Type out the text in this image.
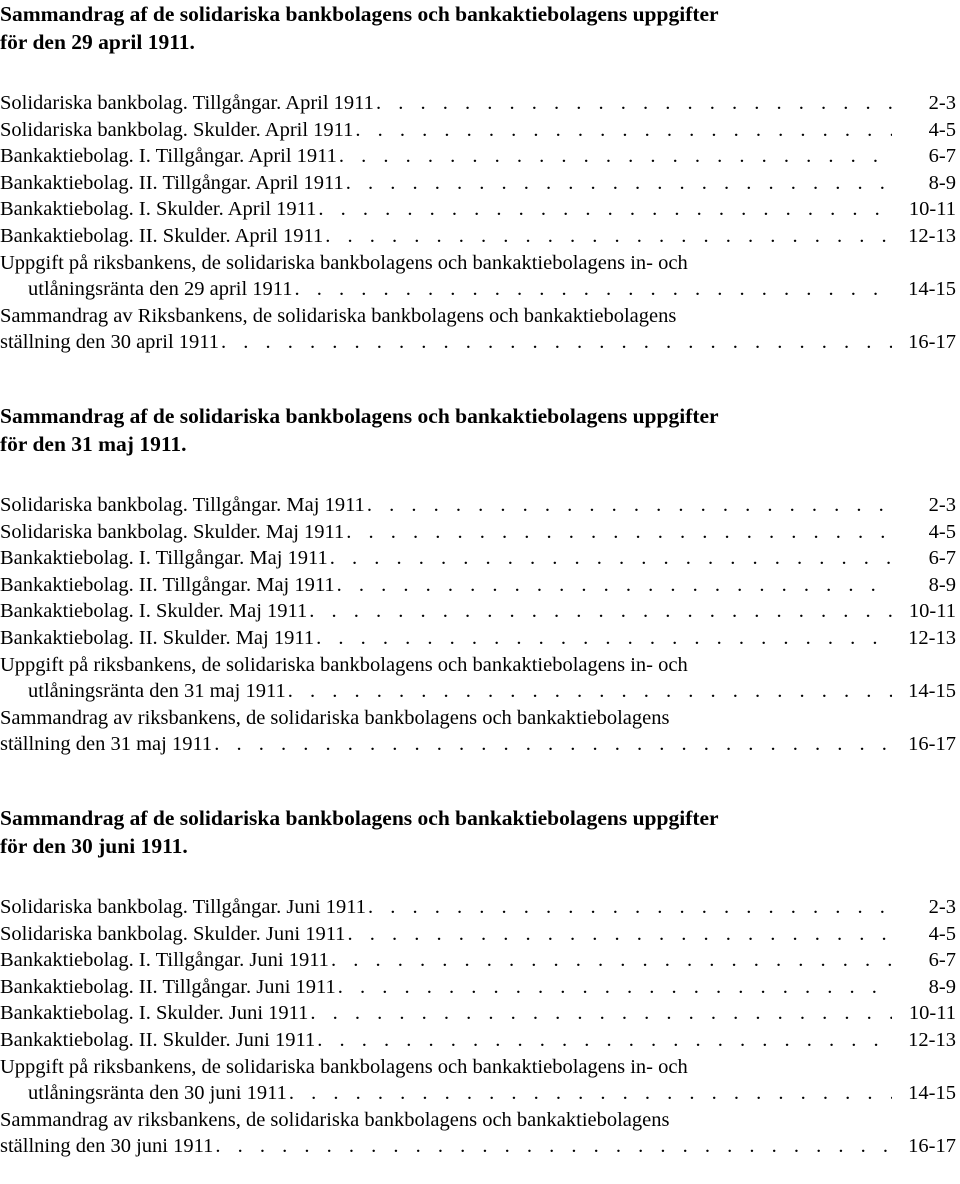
Sammandrag af de solidariska bankbolagens och bankaktiebolagens uppgifter
för den 29 april 1911.
Solidariska bankbolag. Tillgångar. April 1911 . . .	2-3
Solidariska bankbolag. Skulder. April 1911 . . .	4-5
Bankaktiebolag. I. Tillgångar. April 1911 . . .	6-7
Bankaktiebolag. II. Tillgångar. April 1911 . . .	8-9
Bankaktiebolag. I. Skulder. April 1911 . . .	10-11
Bankaktiebolag. II. Skulder. April 1911 . . .	12-13
Uppgift på riksbankens, de solidariska bankbolagens och bankaktiebolagens in- och
utlåningsränta den 29 april 1911 . . .	14-15
Sammandrag av Riksbankens, de solidariska bankbolagens och bankaktiebolagens
ställning den 30 april 1911 . . .	16-17
Sammandrag af de solidariska bankbolagens och bankaktiebolagens uppgifter
för den 31 maj 1911.
Solidariska bankbolag. Tillgångar. Maj 1911 . . .	2-3
Solidariska bankbolag. Skulder. Maj 1911 . . .	4-5
Bankaktiebolag. I. Tillgångar. Maj 1911 . . .	6-7
Bankaktiebolag. II. Tillgångar. Maj 1911 . . .	8-9
Bankaktiebolag. I. Skulder. Maj 1911 . . .	10-11
Bankaktiebolag. II. Skulder. Maj 1911 . . .	12-13
Uppgift på riksbankens, de solidariska bankbolagens och bankaktiebolagens in- och
utlåningsränta den 31 maj 1911 . . .	14-15
Sammandrag av riksbankens, de solidariska bankbolagens och bankaktiebolagens
ställning den 31 maj 1911 . . .	16-17
Sammandrag af de solidariska bankbolagens och bankaktiebolagens uppgifter
för den 30 juni 1911.
Solidariska bankbolag. Tillgångar. Juni 1911 . . .	2-3
Solidariska bankbolag. Skulder. Juni 1911 . . .	4-5
Bankaktiebolag. I. Tillgångar. Juni 1911 . . .	6-7
Bankaktiebolag. II. Tillgångar. Juni 1911 . . .	8-9
Bankaktiebolag. I. Skulder. Juni 1911 . . .	10-11
Bankaktiebolag. II. Skulder. Juni 1911 . . .	12-13
Uppgift på riksbankens, de solidariska bankbolagens och bankaktiebolagens in- och
utlåningsränta den 30 juni 1911 . . .	14-15
Sammandrag av riksbankens, de solidariska bankbolagens och bankaktiebolagens
ställning den 30 juni 1911 . . .	16-17
